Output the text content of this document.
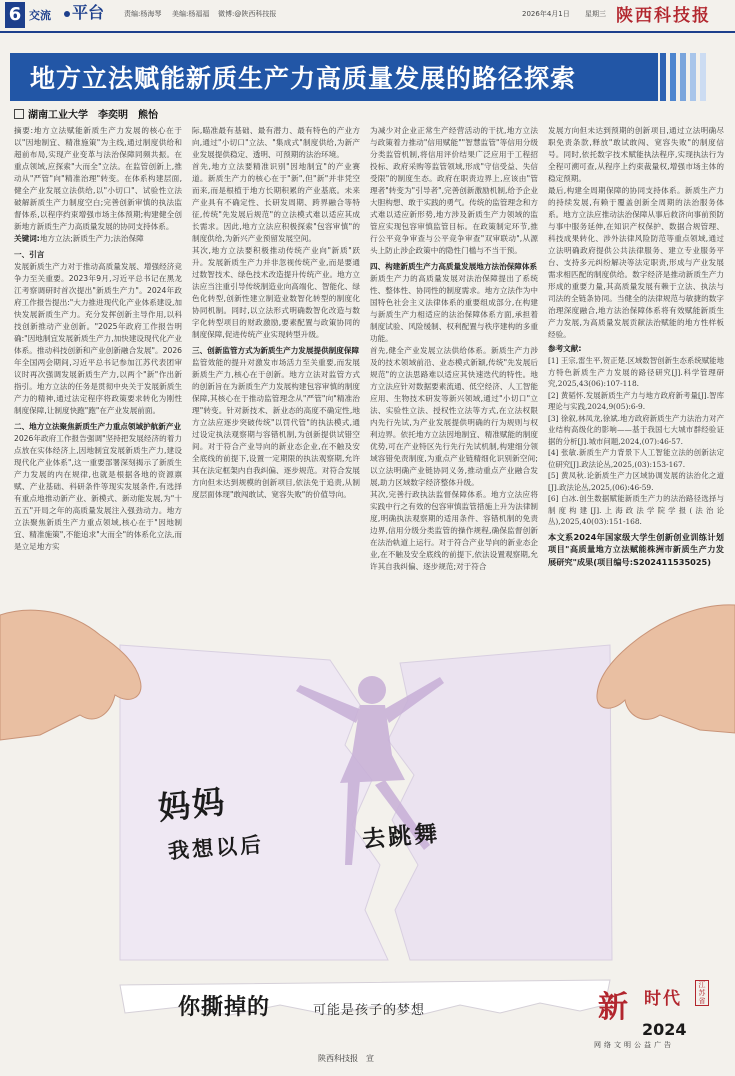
6 交流 平台	责编:杨海琴 美编:杨福福 微博:@陕西科技报	2026年4月1日 星期三 陕西科技报
地方立法赋能新质生产力高质量发展的路径探索
湖南工业大学　李奕明　熊怡
摘要:地方立法赋能新质生产力发展的核心在于以"因地制宜、精准施策"为主线,通过制度供给和超前布局,实现产业变革与法治保障同频共振。在重点领域,应探索"大而全"立法。在监管创新上,推动从"严管"向"精准治理"转变。在体系构建层面,健全产业发展立法供给,以"小切口"、试验性立法破解新质生产力制度空白;完善创新审慎的执法监督体系,以程序约束增强市场主体预期;构建健全创新地方新质生产力高质量发展的协同支持体系。
关键词:地方立法;新质生产力;法治保障
一、引言
发展新质生产力对于推动高质量发展、增强经济竞争力至关重要。2023年9月,习近平总书记在黑龙江考察调研时首次提出"新质生产力"。2024年政府工作报告提出:"大力推进现代化产业体系建设,加快发展新质生产力。充分发挥创新主导作用,以科技创新推动产业创新。"2025年政府工作报告明确:"因地制宜发展新质生产力,加快建设现代化产业体系。推动科技创新和产业创新融合发展"。2026年全国两会期间,习近平总书记参加江苏代表团审议时再次强调发展新质生产力,以两个"新"作出新指引。地方立法的任务是贯彻中央关于发展新质生产力的精神,通过法定程序将政策要求转化为刚性制度保障,让制度快跑"跑"在产业发展前面。
二、地方立法聚焦新质生产力重点领域护航新产业
2026年政府工作报告强调"坚持把发展经济的着力点放在实体经济上,因地制宜发展新质生产力,建设现代化产业体系",这一重要部署深刻揭示了新质生产力发展的内在规律,也就是根据各地的资源禀赋、产业基础、科研条件等现实发展条件,有选择有重点地推动新产业、新模式、新动能发展,为"十五五"开局之年的高质量发展注入强劲动力。地方立法聚焦新质生产力重点领域,核心在于"因地制宜、精准施策",不能追求"大而全"的体系化立法,而是立足地方实
际,瞄准最有基础、最有潜力、最有特色的产业方向,通过"小切口"立法、"集成式"制度供给,为新产业发展提供稳定、透明、可预期的法治环境。
首先,地方立法要精准识别"因地制宜"的产业赛道。新质生产力的核心在于"新",但"新"并非凭空而来,而是根植于地方长期积累的产业基底。未来产业具有不确定性、长研发周期、跨界融合等特征,传统"先发展后规范"的立法模式难以适应其成长需求。因此,地方立法应积极探索"包容审慎"的制度供给,为新兴产业预留发展空间。
其次,地方立法要积极推动传统产业向"新质"跃升。发展新质生产力并非忽视传统产业,而是要通过数智技术、绿色技术改造提升传统产业。地方立法应当注重引导传统制造业向高端化、智能化、绿色化转型,创新性建立制造业数智化转型的制度化协同机制。同时,以立法形式明确数智化改造与数字化转型项目的财政激励,要素配置与政策协同的制度保障,促进传统产业实现转型升级。
三、创新监管方式为新质生产力发展提供制度保障
监管效能的提升对激发市场活力至关重要,而发展新质生产力,核心在于创新。地方立法对监管方式的创新旨在为新质生产力发展构建包容审慎的制度保障,其核心在于推动监管理念从"严管"向"精准治理"转变。针对新技术、新业态的高度不确定性,地方立法应逐步突破传统"以罚代管"的执法模式,通过设定执法观察期与容错机制,为创新提供试错空间。对于符合产业导向的新业态企业,在不触及安全底线的前提下,设置一定期限的执法观察期,允许其在法定框架内自我纠偏、逐步规范。对符合发展方向但未达到规模的创新项目,依法免于追责,从制度层面体现"敢闯敢试、宽容失败"的价值导向。
为减少对企业正常生产经营活动的干扰,地方立法与政策着力推动"信用赋能""智慧监管"等信用分级分类监管机制,将信用评价结果广泛应用于工程招投标、政府采购等监管领域,形成"守信受益、失信受限"的制度生态。政府在职责边界上,应该由"管理者"转变为"引导者",完善创新激励机制,给予企业大胆构想、敢于实践的勇气。传统的监管理念和方式难以适应新形势,地方涉及新质生产力领域的监管应实现包容审慎监管目标。在政策制定环节,推行公平竞争审查与公平竞争审查"双审联动",从源头上防止涉企政策中的隐性门槛与不当干预。
四、构建新质生产力高质量发展地方法治保障体系
新质生产力的高质量发展对法治保障提出了系统性、整体性、协同性的制度需求。地方立法作为中国特色社会主义法律体系的重要组成部分,在构建与新质生产力相适应的法治保障体系方面,承担着制度试验、风险缓制、权利配置与秩序建构的多重功能。
首先,健全产业发展立法供给体系。新质生产力涉及的技术领域前沿、业态模式新颖,传统"先发展后规范"的立法思路难以适应其快速迭代的特性。地方立法应针对数据要素流通、低空经济、人工智能应用、生物技术研发等新兴领域,通过"小切口"立法、实验性立法、授权性立法等方式,在立法权限内先行先试,为产业发展提供明确的行为规则与权利边界。依托地方立法因地制宜、精准赋能的制度优势,可在产业特区先行先行先试机制,构建细分领域容错免责制度,为重点产业链精细化识别新空间;以立法明确产业链协同义务,推动重点产业融合发展,助力区域数字经济整体升级。
其次,完善行政执法监督保障体系。地方立法应将实践中行之有效的包容审慎监管措施上升为法律制度,明确执法观察期的适用条件、容错机制的免责边界,信用分级分类监管的操作规程,确保监督创新在法治轨道上运行。对于符合产业导向的新业态企业,在不触及安全底线的前提下,依法设置观察期,允许其自我纠偏、逐步规范;对于符合
发展方向但未达到预期的创新项目,通过立法明确尽职免责条款,释放"敢试敢闯、宽容失败"的制度信号。同时,依托数字技术赋能执法程序,实现执法行为全程可溯可查,从程序上约束裁量权,增强市场主体的稳定预期。
最后,构建全周期保障的协同支持体系。新质生产力的持续发展,有赖于覆盖创新全周期的法治服务体系。地方立法应推动法治保障从事后救济向事前预防与事中服务延伸,在知识产权保护、数据合规管理、科技成果转化、涉外法律风险防范等重点领域,通过立法明确政府提供公共法律服务、建立专业服务平台、支持多元纠纷解决等法定职责,形成与产业发展需求相匹配的制度供给。数字经济是推动新质生产力形成的重要力量,其高质量发展有赖于立法、执法与司法的全链条协同。当健全的法律规范与敏捷的数字治理深度融合,地方法治保障体系将有效赋能新质生产力发展,为高质量发展贡献法治赋能的地方性样板经验。
参考文献:
[1] 王宗,雷生平,贺正楚.区域数智创新生态系统赋能地方特色新质生产力发展的路径研究[J].科学管理研究,2025,43(06):107-118.
[2] 黄韬怀.发展新质生产力与地方政府新考量[J].智库理论与实践,2024,9(05):6-9.
[3] 徐叙,林凤龙,徐斌.地方政府新质生产力法治力对产业结构高级化的影响——基于我国七大城市群经验证据的分析[J].城市问题,2024,(07):46-57.
[4] 张敏.新质生产力背景下人工智能立法的创新法定位研究[J].政法论丛,2025,(03):153-167.
[5] 黄凤秋.论新质生产力区域协调发展的法治化之道[J].政法论丛,2025,(06):46-59.
[6] 白冰.创生数据赋能新质生产力的法治路径选择与制度构建[J].上海政法学院学报(法治论丛),2025,40(03):151-168.
本文系2024年国家级大学生创新创业训练计划项目"高质量地方立法赋能株洲市新质生产力发展研究"成果(项目编号:S202411535025)
妈妈
我想以后	去跳舞
你撕掉的	可能是孩子的梦想	新 时代
江苏省
2024
网络文明公益广告
陕西科技报　宣
